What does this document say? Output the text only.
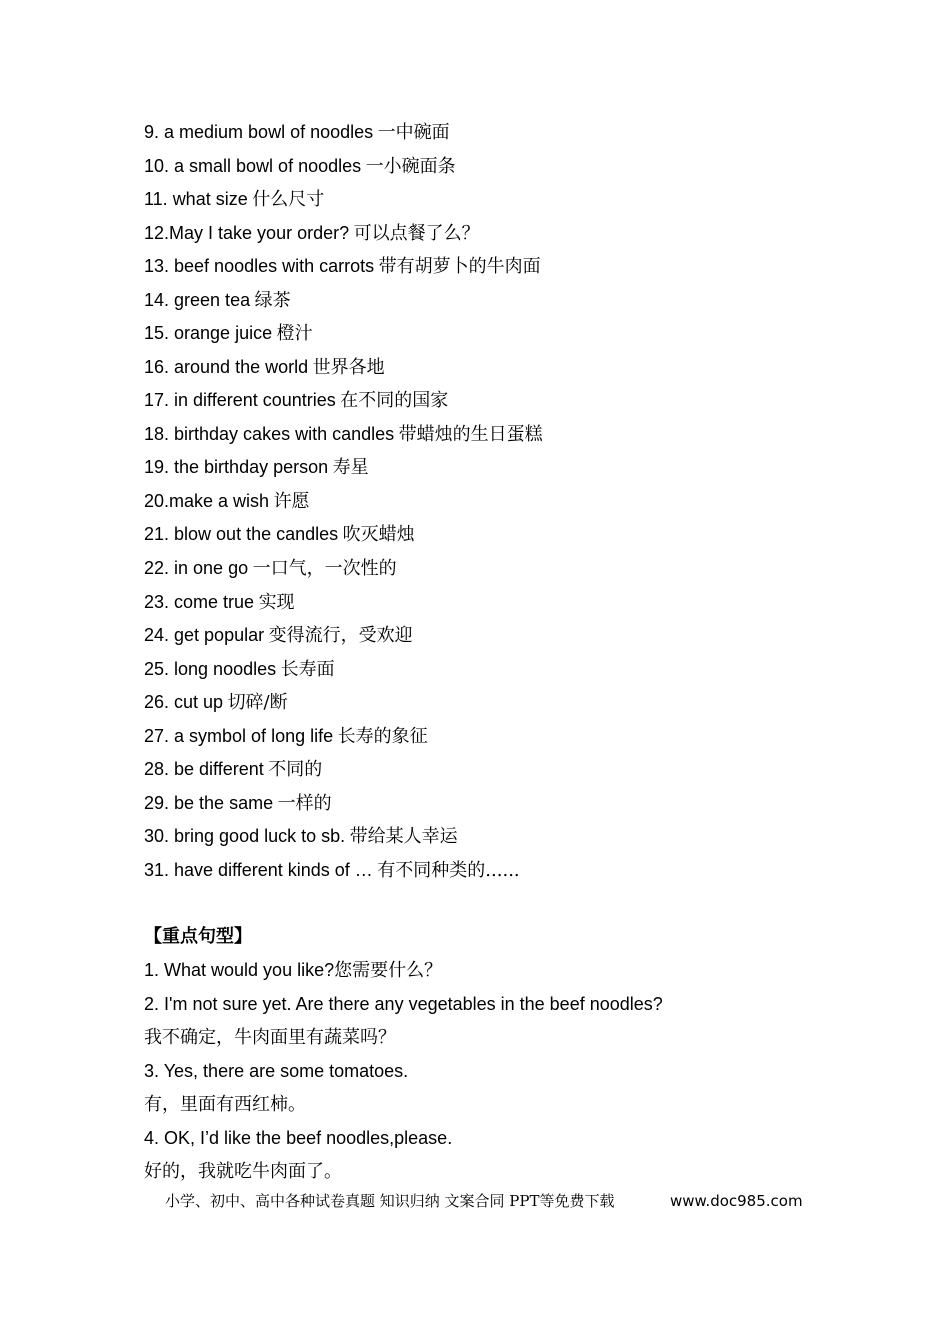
9. a medium bowl of noodles 一中碗面
10. a small bowl of noodles 一小碗面条
11. what size 什么尺寸
12.May I take your order? 可以点餐了么？
13. beef noodles with carrots 带有胡萝卜的牛肉面
14. green tea 绿茶
15. orange juice 橙汁
16. around the world 世界各地
17. in different countries 在不同的国家
18. birthday cakes with candles 带蜡烛的生日蛋糕
19. the birthday person 寿星
20.make a wish 许愿
21. blow out the candles 吹灭蜡烛
22. in one go 一口气，一次性的
23. come true 实现
24. get popular 变得流行，受欢迎
25. long noodles 长寿面
26. cut up 切碎/断
27. a symbol of long life 长寿的象征
28. be different 不同的
29. be the same 一样的
30. bring good luck to sb. 带给某人幸运
31. have different kinds of … 有不同种类的......
【重点句型】
1. What would you like?您需要什么？
2. I'm not sure yet. Are there any vegetables in the beef noodles?
我不确定，牛肉面里有蔬菜吗？
3. Yes, there are some tomatoes.
有，里面有西红柿。
4. OK, I’d like the beef noodles,please.
好的，我就吃牛肉面了。
小学、初中、高中各种试卷真题 知识归纳 文案合同 PPT等免费下载	www.doc985.com
